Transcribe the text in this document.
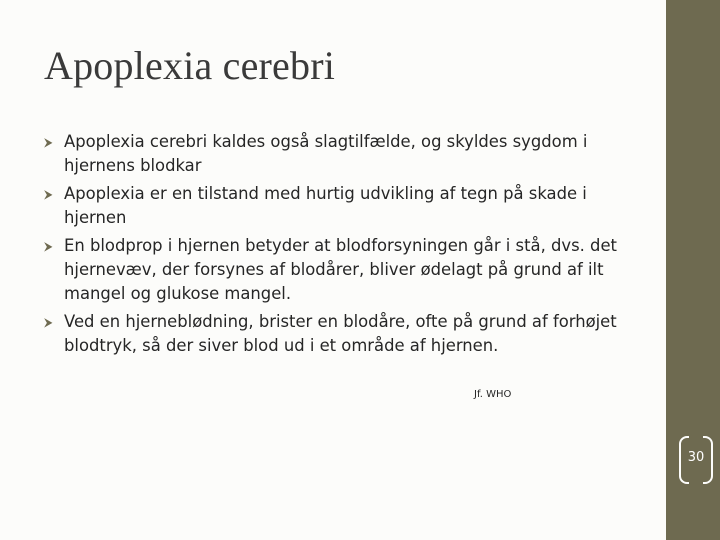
Apoplexia cerebri
⮞ Apoplexia cerebri kaldes også slagtilfælde, og skyldes sygdom i hjernens blodkar
⮞ Apoplexia er en tilstand med hurtig udvikling af tegn på skade i hjernen
⮞ En blodprop i hjernen betyder at blodforsyningen går i stå, dvs. det hjernevæv, der forsynes af blodårer, bliver ødelagt på grund af ilt mangel og glukose mangel.
⮞ Ved en hjerneblødning, brister en blodåre, ofte på grund af forhøjet blodtryk, så der siver blod ud i et område af hjernen.
Jf. WHO
30
